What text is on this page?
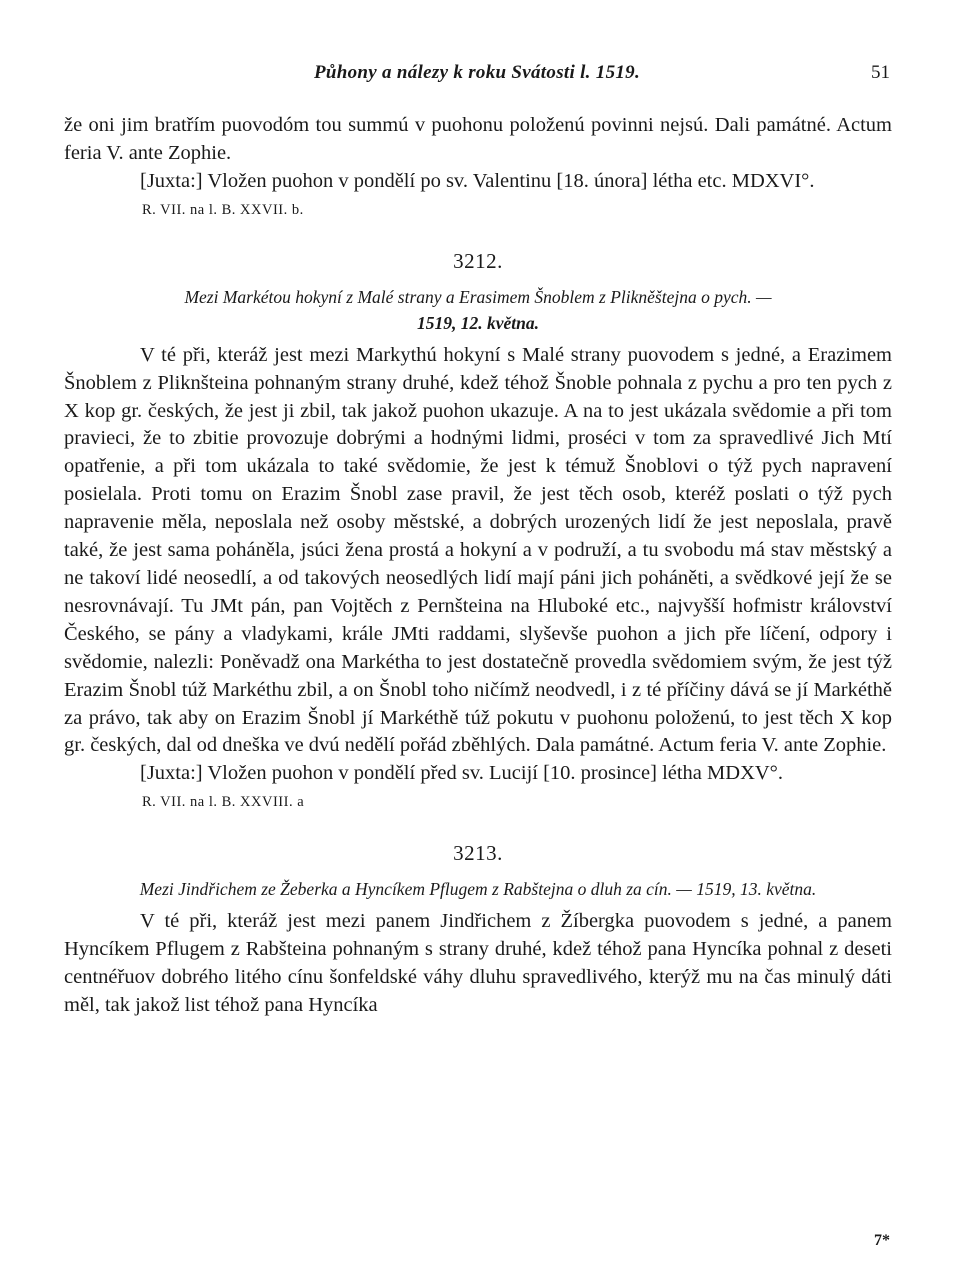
Půhony a nálezy k roku Svátosti l. 1519.	51

že oni jim bratřím puovodóm tou summú v puohonu položenú povinni nejsú. Dali památné. Actum feria V. ante Zophie.

[Juxta:] Vložen puohon v pondělí po sv. Valentinu [18. února] létha etc. MDXVI°.

R. VII. na l. B. XXVII. b.
3212.
Mezi Markétou hokyní z Malé strany a Erasimem Šnoblem z Plikněštejna o pych. —
1519, 12. května.

V té při, kteráž jest mezi Markythú hokyní s Malé strany puovodem s jedné, a Erazimem Šnoblem z Pliknšteina pohnaným strany druhé, kdež téhož Šnoble pohnala z pychu a pro ten pych z X kop gr. českých, že jest ji zbil, tak jakož puohon ukazuje. A na to jest ukázala svědomie a při tom pravieci, že to zbitie provozuje dobrými a hodnými lidmi, proséci v tom za spravedlivé Jich Mtí opatřenie, a při tom ukázala to také svědomie, že jest k témuž Šnoblovi o týž pych napravení posielala. Proti tomu on Erazim Šnobl zase pravil, že jest těch osob, kteréž poslati o týž pych napravenie měla, neposlala než osoby městské, a dobrých urozených lidí že jest neposlala, pravě také, že jest sama poháněla, jsúci žena prostá a hokyní a v podruží, a tu svobodu má stav městský a ne takoví lidé neosedlí, a od takových neosedlých lidí mají páni jich poháněti, a svědkové její že se nesrovnávají. Tu JMt pán, pan Vojtěch z Pernšteina na Hluboké etc., najvyšší hofmistr království Českého, se pány a vladykami, krále JMti raddami, slyševše puohon a jich pře líčení, odpory i svědomie, nalezli: Poněvadž ona Markétha to jest dostatečně provedla svědomiem svým, že jest týž Erazim Šnobl túž Markéthu zbil, a on Šnobl toho ničímž neodvedl, i z té příčiny dává se jí Markéthě za právo, tak aby on Erazim Šnobl jí Markéthě túž pokutu v puohonu položenú, to jest těch X kop gr. českých, dal od dneška ve dvú nedělí pořád zběhlých. Dala památné. Actum feria V. ante Zophie.

[Juxta:] Vložen puohon v pondělí před sv. Lucijí [10. prosince] létha MDXV°.

R. VII. na l. B. XXVIII. a
3213.
Mezi Jindřichem ze Žeberka a Hyncíkem Pflugem z Rabštejna o dluh za cín. — 1519, 13. května.

V té při, kteráž jest mezi panem Jindřichem z Žíbergka puovodem s jedné, a panem Hyncíkem Pflugem z Rabšteina pohnaným s strany druhé, kdež téhož pana Hyncíka pohnal z deseti centnéřuov dobrého litého cínu šonfeldské váhy dluhu spravedlivého, kterýž mu na čas minulý dáti měl, tak jakož list téhož pana Hyncíka

7*
